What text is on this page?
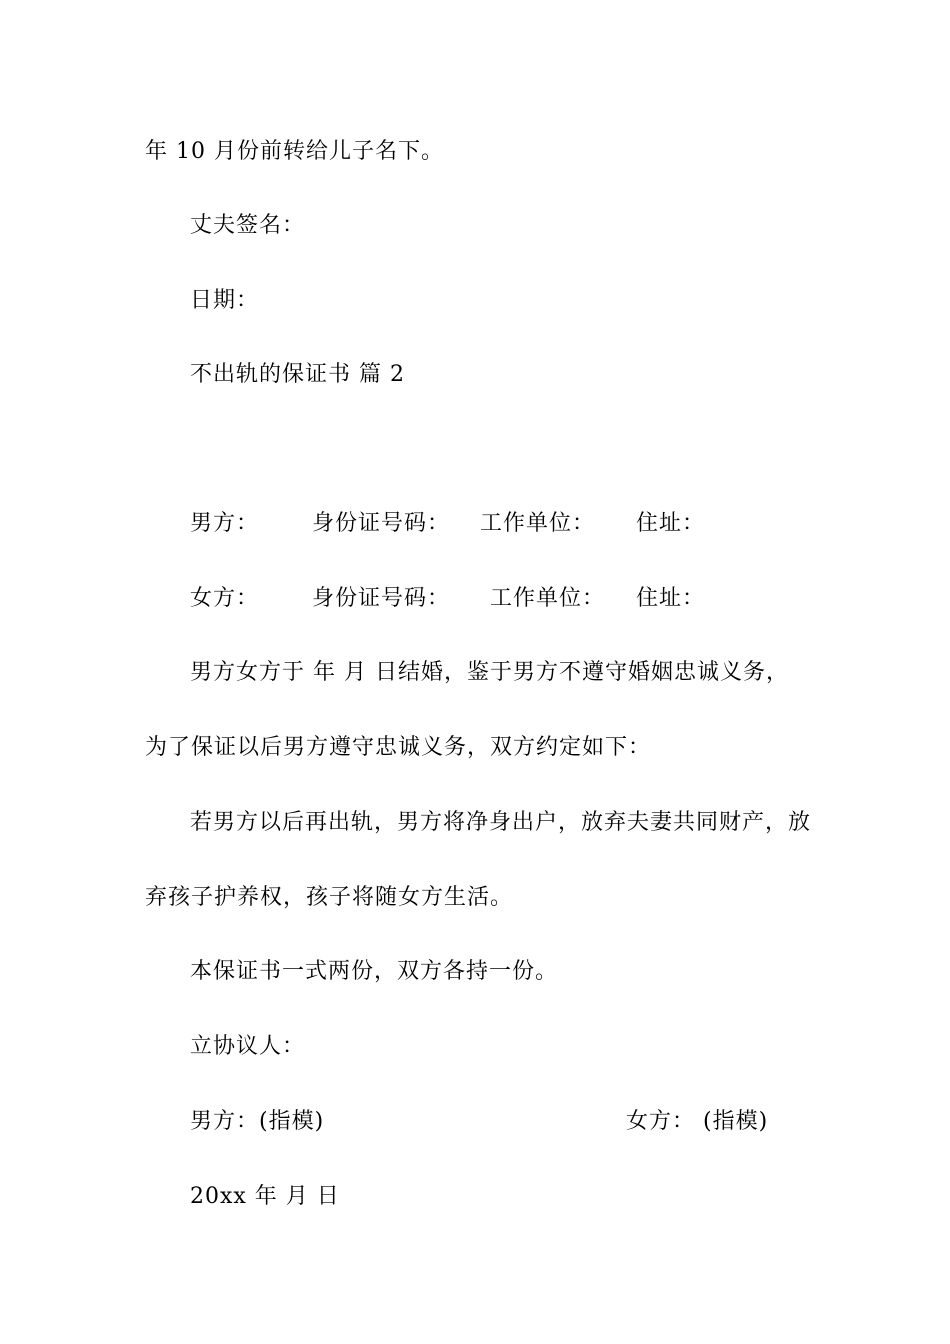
年 10 月份前转给儿子名下。
丈夫签名：
日期：
不出轨的保证书 篇 2
男方： 身份证号码： 工作单位： 住址：
女方： 身份证号码： 工作单位： 住址：
男方女方于 年 月 日结婚，鉴于男方不遵守婚姻忠诚义务，
为了保证以后男方遵守忠诚义务，双方约定如下：
若男方以后再出轨，男方将净身出户，放弃夫妻共同财产，放
弃孩子护养权，孩子将随女方生活。
本保证书一式两份，双方各持一份。
立协议人：
男方：(指模)	女方： (指模)
20xx 年 月 日
